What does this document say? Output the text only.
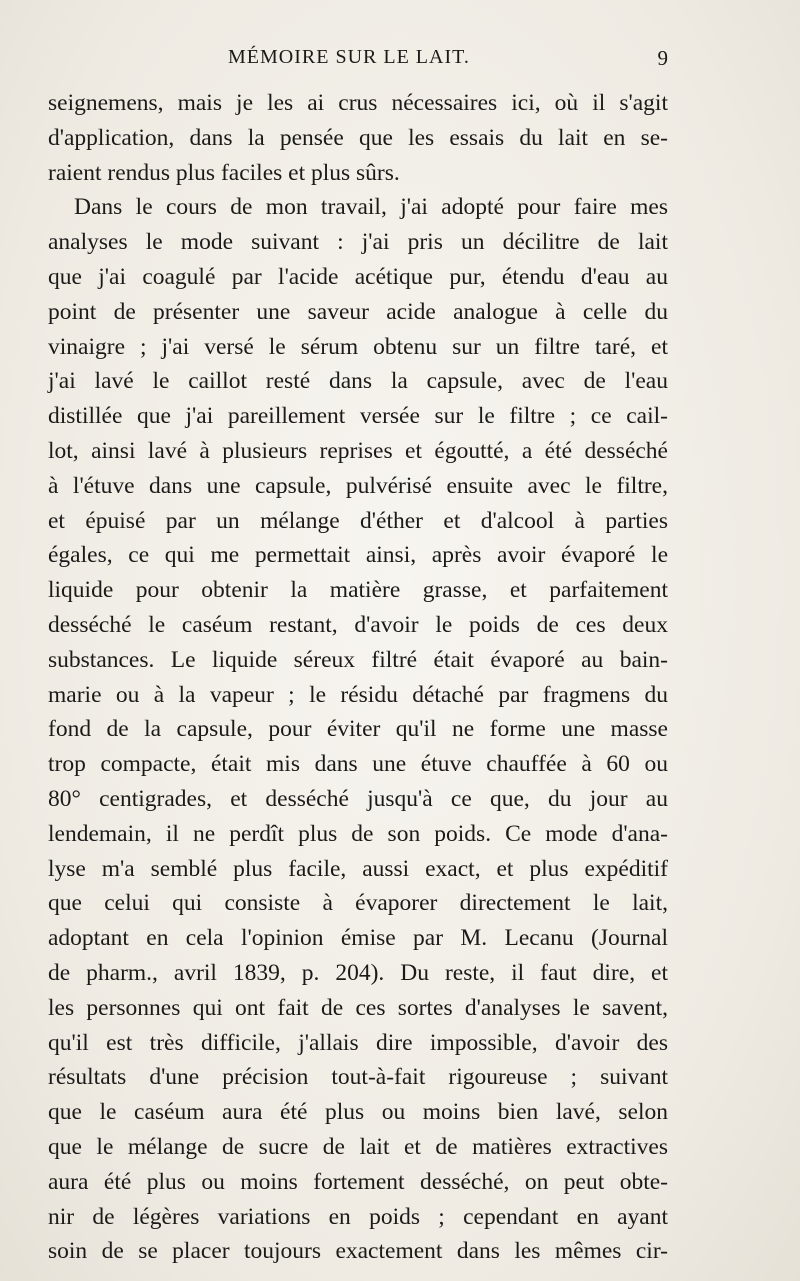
MÉMOIRE SUR LE LAIT.	9
seignemens, mais je les ai crus nécessaires ici, où il s'agit
d'application, dans la pensée que les essais du lait en se-
raient rendus plus faciles et plus sûrs.
Dans le cours de mon travail, j'ai adopté pour faire mes
analyses le mode suivant : j'ai pris un décilitre de lait
que j'ai coagulé par l'acide acétique pur, étendu d'eau au
point de présenter une saveur acide analogue à celle du
vinaigre ; j'ai versé le sérum obtenu sur un filtre taré, et
j'ai lavé le caillot resté dans la capsule, avec de l'eau
distillée que j'ai pareillement versée sur le filtre ; ce cail-
lot, ainsi lavé à plusieurs reprises et égoutté, a été desséché
à l'étuve dans une capsule, pulvérisé ensuite avec le filtre,
et épuisé par un mélange d'éther et d'alcool à parties
égales, ce qui me permettait ainsi, après avoir évaporé le
liquide pour obtenir la matière grasse, et parfaitement
desséché le caséum restant, d'avoir le poids de ces deux
substances. Le liquide séreux filtré était évaporé au bain-
marie ou à la vapeur ; le résidu détaché par fragmens du
fond de la capsule, pour éviter qu'il ne forme une masse
trop compacte, était mis dans une étuve chauffée à 60 ou
80° centigrades, et desséché jusqu'à ce que, du jour au
lendemain, il ne perdît plus de son poids. Ce mode d'ana-
lyse m'a semblé plus facile, aussi exact, et plus expéditif
que celui qui consiste à évaporer directement le lait,
adoptant en cela l'opinion émise par M. Lecanu (Journal
de pharm., avril 1839, p. 204). Du reste, il faut dire, et
les personnes qui ont fait de ces sortes d'analyses le savent,
qu'il est très difficile, j'allais dire impossible, d'avoir des
résultats d'une précision tout-à-fait rigoureuse ; suivant
que le caséum aura été plus ou moins bien lavé, selon
que le mélange de sucre de lait et de matières extractives
aura été plus ou moins fortement desséché, on peut obte-
nir de légères variations en poids ; cependant en ayant
soin de se placer toujours exactement dans les mêmes cir-
